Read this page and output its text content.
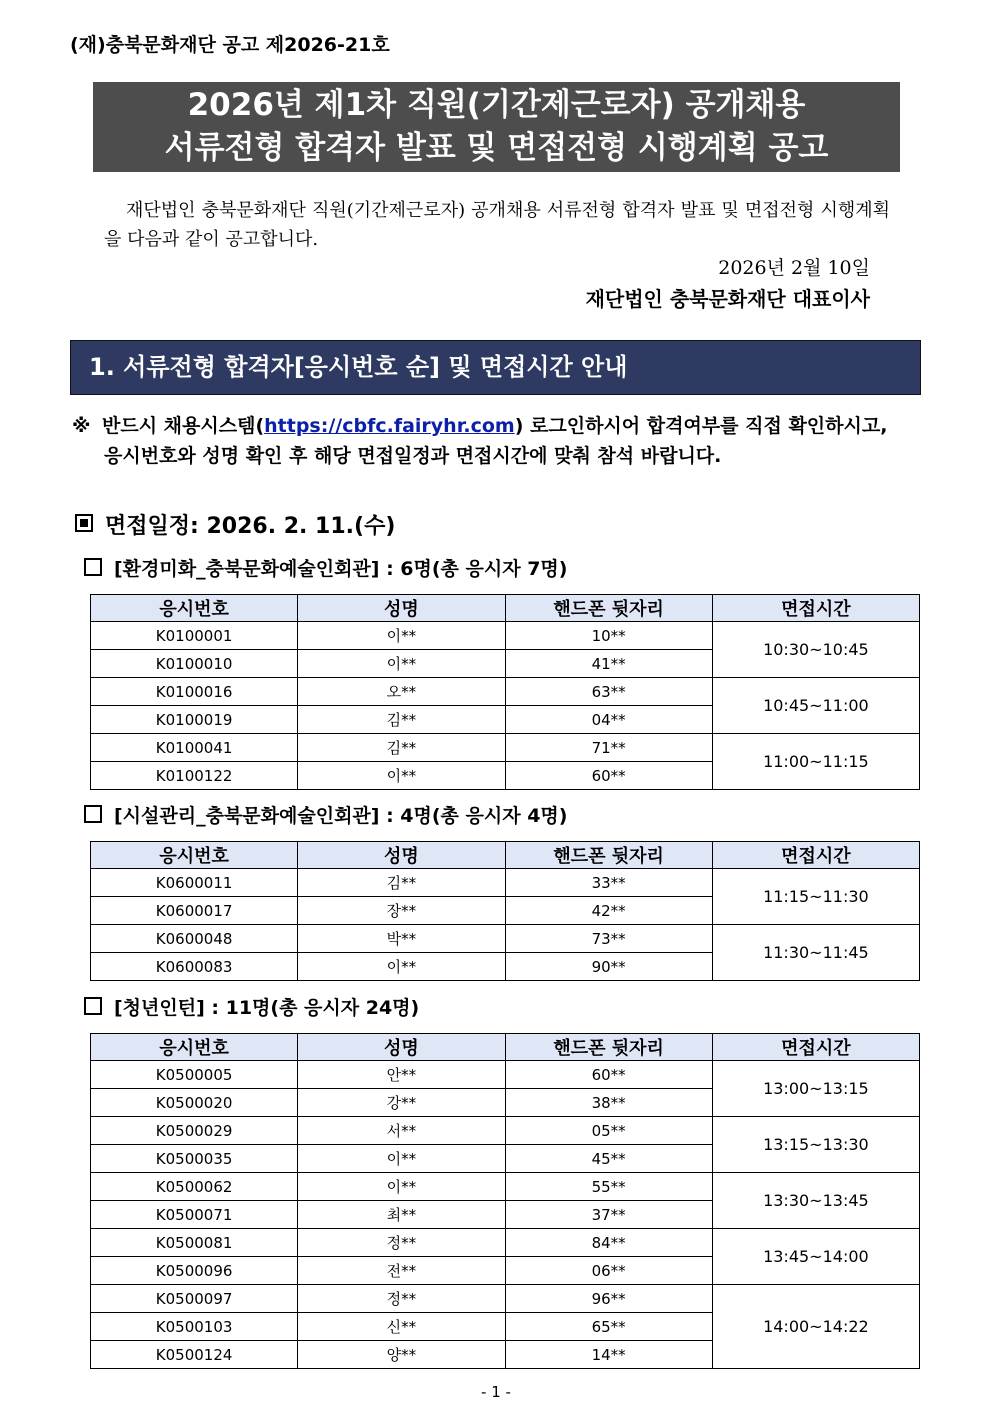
(재)충북문화재단 공고 제2026-21호
2026년 제1차 직원(기간제근로자) 공개채용
서류전형 합격자 발표 및 면접전형 시행계획 공고
재단법인 충북문화재단 직원(기간제근로자) 공개채용 서류전형 합격자 발표 및 면접전형 시행계획을 다음과 같이 공고합니다.
2026년 2월 10일
재단법인 충북문화재단 대표이사
1. 서류전형 합격자[응시번호 순] 및 면접시간 안내
※ 반드시 채용시스템(https://cbfc.fairyhr.com) 로그인하시어 합격여부를 직접 확인하시고,
응시번호와 성명 확인 후 해당 면접일정과 면접시간에 맞춰 참석 바랍니다.
면접일정: 2026. 2. 11.(수)
[환경미화_충북문화예술인회관] : 6명(총 응시자 7명)
응시번호	성명	핸드폰 뒷자리	면접시간
K0100001	이**	10**	10:30~10:45
K0100010	이**	41**	
K0100016	오**	63**	10:45~11:00
K0100019	김**	04**	
K0100041	김**	71**	11:00~11:15
K0100122	이**	60**	
[시설관리_충북문화예술인회관] : 4명(총 응시자 4명)
응시번호	성명	핸드폰 뒷자리	면접시간
K0600011	김**	33**	11:15~11:30
K0600017	장**	42**	
K0600048	박**	73**	11:30~11:45
K0600083	이**	90**	
[청년인턴] : 11명(총 응시자 24명)
응시번호	성명	핸드폰 뒷자리	면접시간
K0500005	안**	60**	13:00~13:15
K0500020	강**	38**	
K0500029	서**	05**	13:15~13:30
K0500035	이**	45**	
K0500062	이**	55**	13:30~13:45
K0500071	최**	37**	
K0500081	정**	84**	13:45~14:00
K0500096	전**	06**	
K0500097	정**	96**	14:00~14:22
K0500103	신**	65**	
K0500124	양**	14**	
- 1 -
